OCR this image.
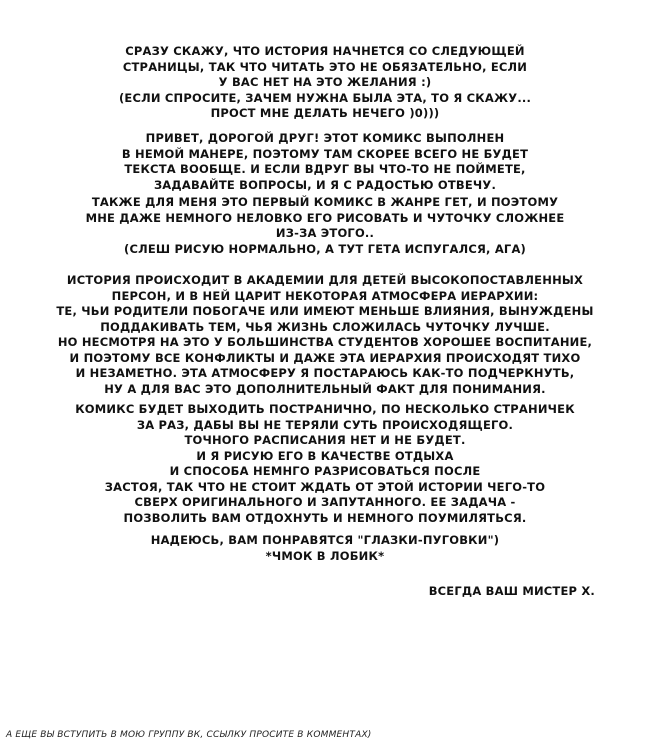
СРАЗУ СКАЖУ, ЧТО ИСТОРИЯ НАЧНЕТСЯ СО СЛЕДУЮЩЕЙ
СТРАНИЦЫ, ТАК ЧТО ЧИТАТЬ ЭТО НЕ ОБЯЗАТЕЛЬНО, ЕСЛИ
У ВАС НЕТ НА ЭТО ЖЕЛАНИЯ :)
(ЕСЛИ СПРОСИТЕ, ЗАЧЕМ НУЖНА БЫЛА ЭТА, ТО Я СКАЖУ...
ПРОСТ МНЕ ДЕЛАТЬ НЕЧЕГО )0)))
ПРИВЕТ, ДОРОГОЙ ДРУГ! ЭТОТ КОМИКС ВЫПОЛНЕН
В НЕМОЙ МАНЕРЕ, ПОЭТОМУ ТАМ СКОРЕЕ ВСЕГО НЕ БУДЕТ
ТЕКСТА ВООБЩЕ. И ЕСЛИ ВДРУГ ВЫ ЧТО-ТО НЕ ПОЙМЕТЕ,
ЗАДАВАЙТЕ ВОПРОСЫ, И Я С РАДОСТЬЮ ОТВЕЧУ.
ТАКЖЕ ДЛЯ МЕНЯ ЭТО ПЕРВЫЙ КОМИКС В ЖАНРЕ ГЕТ, И ПОЭТОМУ
МНЕ ДАЖЕ НЕМНОГО НЕЛОВКО ЕГО РИСОВАТЬ И ЧУТОЧКУ СЛОЖНЕЕ
ИЗ-ЗА ЭТОГО..
(СЛЕШ РИСУЮ НОРМАЛЬНО, А ТУТ ГЕТА ИСПУГАЛСЯ, АГА)
ИСТОРИЯ ПРОИСХОДИТ В АКАДЕМИИ ДЛЯ ДЕТЕЙ ВЫСОКОПОСТАВЛЕННЫХ
ПЕРСОН, И В НЕЙ ЦАРИТ НЕКОТОРАЯ АТМОСФЕРА ИЕРАРХИИ:
ТЕ, ЧЬИ РОДИТЕЛИ ПОБОГАЧЕ ИЛИ ИМЕЮТ МЕНЬШЕ ВЛИЯНИЯ, ВЫНУЖДЕНЫ
ПОДДАКИВАТЬ ТЕМ, ЧЬЯ ЖИЗНЬ СЛОЖИЛАСЬ ЧУТОЧКУ ЛУЧШЕ.
НО НЕСМОТРЯ НА ЭТО У БОЛЬШИНСТВА СТУДЕНТОВ ХОРОШЕЕ ВОСПИТАНИЕ,
И ПОЭТОМУ ВСЕ КОНФЛИКТЫ И ДАЖЕ ЭТА ИЕРАРХИЯ ПРОИСХОДЯТ ТИХО
И НЕЗАМЕТНО. ЭТА АТМОСФЕРУ Я ПОСТАРАЮСЬ КАК-ТО ПОДЧЕРКНУТЬ,
НУ А ДЛЯ ВАС ЭТО ДОПОЛНИТЕЛЬНЫЙ ФАКТ ДЛЯ ПОНИМАНИЯ.
КОМИКС БУДЕТ ВЫХОДИТЬ ПОСТРАНИЧНО, ПО НЕСКОЛЬКО СТРАНИЧЕК
ЗА РАЗ, ДАБЫ ВЫ НЕ ТЕРЯЛИ СУТЬ ПРОИСХОДЯЩЕГО.
ТОЧНОГО РАСПИСАНИЯ НЕТ И НЕ БУДЕТ.
И Я РИСУЮ ЕГО В КАЧЕСТВЕ ОТДЫХА
И СПОСОБА НЕМНГО РАЗРИСОВАТЬСЯ ПОСЛЕ
ЗАСТОЯ, ТАК ЧТО НЕ СТОИТ ЖДАТЬ ОТ ЭТОЙ ИСТОРИИ ЧЕГО-ТО
СВЕРХ ОРИГИНАЛЬНОГО И ЗАПУТАННОГО. ЕЕ ЗАДАЧА -
ПОЗВОЛИТЬ ВАМ ОТДОХНУТЬ И НЕМНОГО ПОУМИЛЯТЬСЯ.
НАДЕЮСЬ, ВАМ ПОНРАВЯТСЯ "ГЛАЗКИ-ПУГОВКИ")
*ЧМОК В ЛОБИК*
ВСЕГДА ВАШ МИСТЕР Х.
А ЕЩЕ ВЫ ВСТУПИТЬ В МОЮ ГРУППУ ВК, ССЫЛКУ ПРОСИТЕ В КОММЕНТАХ)
